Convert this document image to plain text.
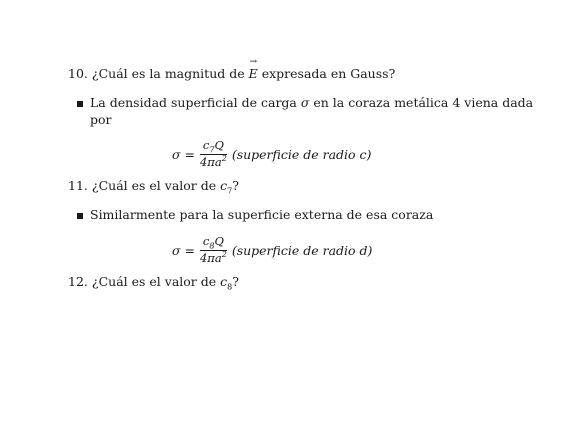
10. ¿Cuál es la magnitud de → E expresada en Gauss?
La densidad superficial de carga σ en la coraza metálica 4 viena dada
por
$\sigma = \frac{c_7Q}{4\pi a^2}$ (superficie de radio c)
11. ¿Cuál es el valor de $c_7$?
Similarmente para la superficie externa de esa coraza
$\sigma = \frac{c_8Q}{4\pi a^2}$ (superficie de radio d)
12. ¿Cuál es el valor de $c_8$?
